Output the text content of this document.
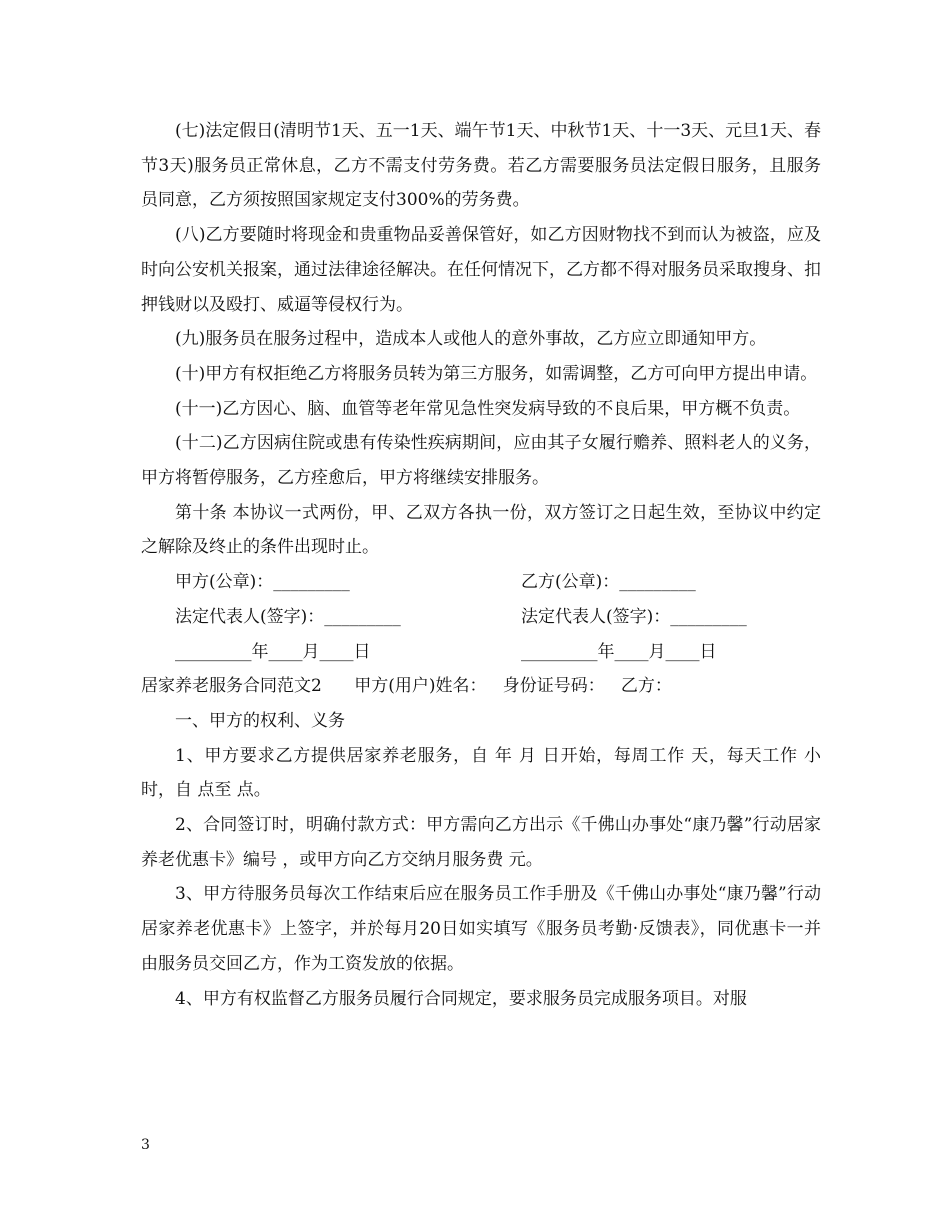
(七)法定假日(清明节1天、五一1天、端午节1天、中秋节1天、十一3天、元旦1天、春节3天)服务员正常休息，乙方不需支付劳务费。若乙方需要服务员法定假日服务，且服务员同意，乙方须按照国家规定支付300%的劳务费。

(八)乙方要随时将现金和贵重物品妥善保管好，如乙方因财物找不到而认为被盗，应及时向公安机关报案，通过法律途径解决。在任何情况下，乙方都不得对服务员采取搜身、扣押钱财以及殴打、威逼等侵权行为。

(九)服务员在服务过程中，造成本人或他人的意外事故，乙方应立即通知甲方。

(十)甲方有权拒绝乙方将服务员转为第三方服务，如需调整，乙方可向甲方提出申请。

(十一)乙方因心、脑、血管等老年常见急性突发病导致的不良后果，甲方概不负责。

(十二)乙方因病住院或患有传染性疾病期间，应由其子女履行赡养、照料老人的义务，甲方将暂停服务，乙方痊愈后，甲方将继续安排服务。

第十条 本协议一式两份，甲、乙双方各执一份，双方签订之日起生效，至协议中约定之解除及终止的条件出现时止。

甲方(公章)：_________	乙方(公章)：_________
法定代表人(签字)：_________	法定代表人(签字)：_________
_________年____月____日	_________年____月____日

居家养老服务合同范文2      甲方(用户)姓名：   身份证号码：   乙方：

一、甲方的权利、义务

1、甲方要求乙方提供居家养老服务，自 年 月 日开始，每周工作 天，每天工作 小时，自 点至 点。

2、合同签订时，明确付款方式：甲方需向乙方出示《千佛山办事处“康乃馨”行动居家养老优惠卡》编号 ，或甲方向乙方交纳月服务费 元。

3、甲方待服务员每次工作结束后应在服务员工作手册及《千佛山办事处“康乃馨”行动居家养老优惠卡》上签字，并於每月20日如实填写《服务员考勤·反馈表》，同优惠卡一并由服务员交回乙方，作为工资发放的依据。

4、甲方有权监督乙方服务员履行合同规定，要求服务员完成服务项目。对服

3
